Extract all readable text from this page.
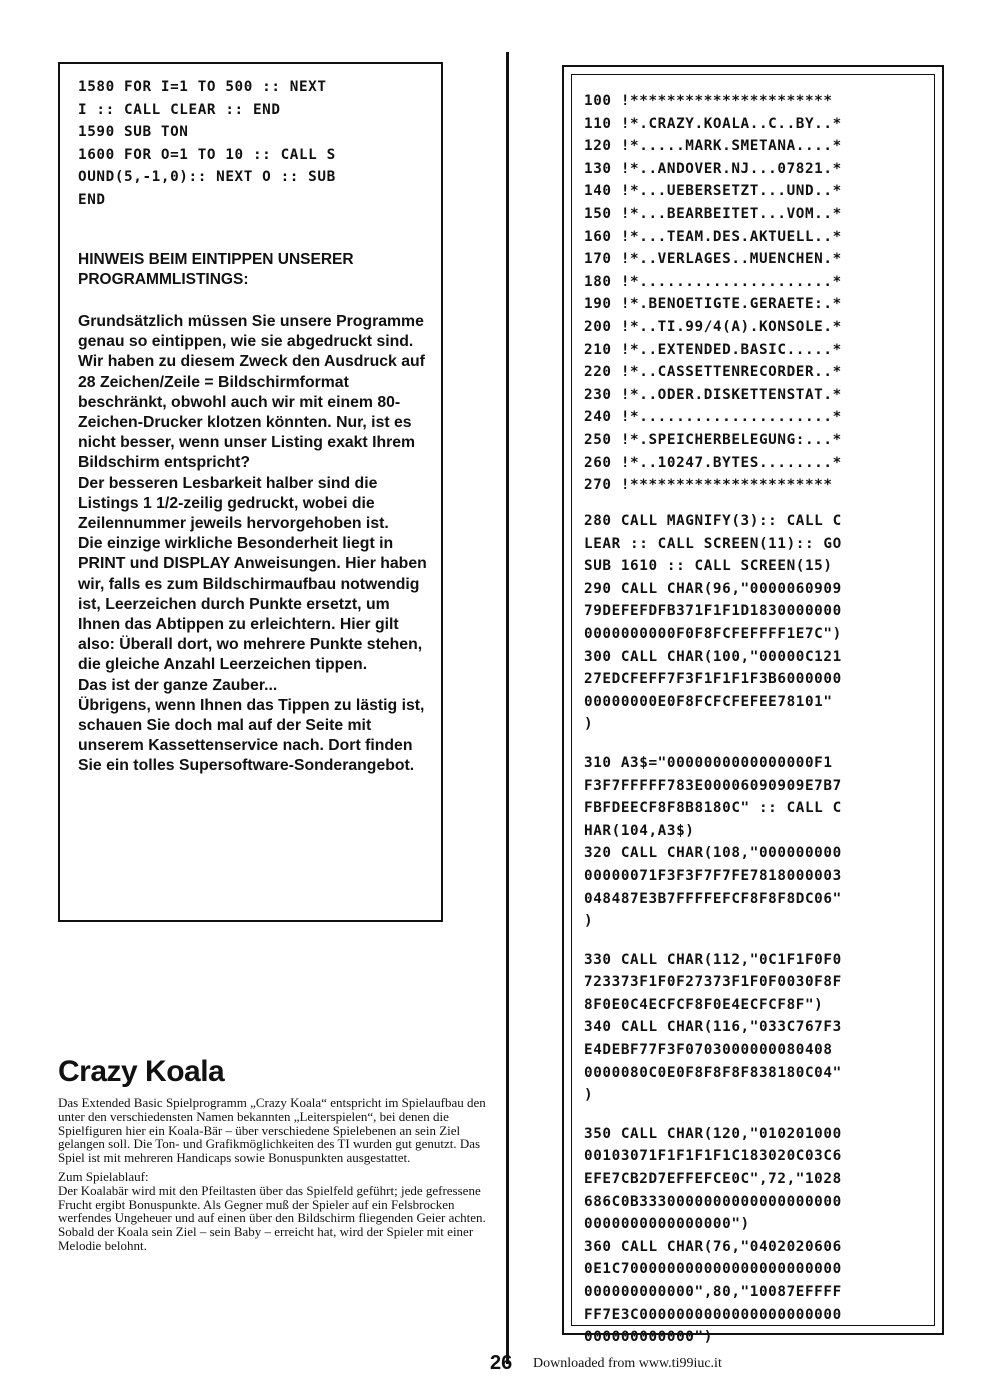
1580 FOR I=1 TO 500 :: NEXT
I :: CALL CLEAR :: END
1590 SUB TON
1600 FOR O=1 TO 10 :: CALL S
OUND(5,-1,0):: NEXT O :: SUB
END
HINWEIS BEIM EINTIPPEN UNSERER PROGRAMMLISTINGS:

Grundsätzlich müssen Sie unsere Programme genau so eintippen, wie sie abgedruckt sind. Wir haben zu diesem Zweck den Ausdruck auf 28 Zeichen/Zeile = Bildschirmformat beschränkt, obwohl auch wir mit einem 80-Zeichen-Drucker klotzen könnten. Nur, ist es nicht besser, wenn unser Listing exakt Ihrem Bildschirm entspricht?

Der besseren Lesbarkeit halber sind die Listings 1 1/2-zeilig gedruckt, wobei die Zeilennummer jeweils hervorgehoben ist.

Die einzige wirkliche Besonderheit liegt in PRINT und DISPLAY Anweisungen. Hier haben wir, falls es zum Bildschirmaufbau notwendig ist, Leerzeichen durch Punkte ersetzt, um Ihnen das Abtippen zu erleichtern. Hier gilt also: Überall dort, wo mehrere Punkte stehen, die gleiche Anzahl Leerzeichen tippen.

Das ist der ganze Zauber...

Übrigens, wenn Ihnen das Tippen zu lästig ist, schauen Sie doch mal auf der Seite mit unserem Kassettenservice nach. Dort finden Sie ein tolles Supersoftware-Sonderangebot.

Crazy Koala

Das Extended Basic Spielprogramm „Crazy Koala“ entspricht im Spielaufbau den unter den verschiedensten Namen bekannten „Leiterspielen“, bei denen die Spielfiguren hier ein Koala-Bär – über verschiedene Spielebenen an sein Ziel gelangen soll. Die Ton- und Grafikmöglichkeiten des TI wurden gut genutzt. Das Spiel ist mit mehreren Handicaps sowie Bonuspunkten ausgestattet.

Zum Spielablauf:

Der Koalabär wird mit den Pfeiltasten über das Spielfeld geführt; jede gefressene Frucht ergibt Bonuspunkte. Als Gegner muß der Spieler auf ein Felsbrocken werfendes Ungeheuer und auf einen über den Bildschirm fliegenden Geier achten. Sobald der Koala sein Ziel – sein Baby – erreicht hat, wird der Spieler mit einer Melodie belohnt.

100 !**********************
110 !*.CRAZY.KOALA..C..BY..*
120 !*.....MARK.SMETANA....*
130 !*..ANDOVER.NJ...07821.*
140 !*...UEBERSETZT...UND..*
150 !*...BEARBEITET...VOM..*
160 !*...TEAM.DES.AKTUELL..*
170 !*..VERLAGES..MUENCHEN.*
180 !*.....................*
190 !*.BENOETIGTE.GERAETE:.*
200 !*..TI.99/4(A).KONSOLE.*
210 !*..EXTENDED.BASIC.....*
220 !*..CASSETTENRECORDER..*
230 !*..ODER.DISKETTENSTAT.*
240 !*.....................*
250 !*.SPEICHERBELEGUNG:...*
260 !*..10247.BYTES........*
270 !**********************
280 CALL MAGNIFY(3):: CALL C
LEAR :: CALL SCREEN(11):: GO
SUB 1610 :: CALL SCREEN(15)
290 CALL CHAR(96,"0000060909
79DEFEFDFB371F1F1D1830000000
0000000000F0F8FCFEFFFF1E7C")
300 CALL CHAR(100,"00000C121
27EDCFEFF7F3F1F1F1F3B6000000
00000000E0F8FCFCFEFEE78101"
)
310 A3$="0000000000000000F1
F3F7FFFFF783E00006090909E7B7
FBFDEECF8F8B8180C" :: CALL C
HAR(104,A3$)
320 CALL CHAR(108,"000000000
00000071F3F3F7F7FE7818000003
048487E3B7FFFFEFCF8F8F8DC06"
)
330 CALL CHAR(112,"0C1F1F0F0
723373F1F0F27373F1F0F0030F8F
8F0E0C4ECFCF8F0E4ECFCF8F")
340 CALL CHAR(116,"033C767F3
E4DEBF77F3F0703000000080408
0000080C0E0F8F8F8F838180C04"
)
350 CALL CHAR(120,"010201000
00103071F1F1F1F1C183020C03C6
EFE7CB2D7EFFEFCE0C",72,"1028
686C0B3330000000000000000000
0000000000000000")
360 CALL CHAR(76,"0402020606
0E1C700000000000000000000000
000000000000",80,"10087EFFFF
FF7E3C0000000000000000000000
000000000000")
26 Downloaded from www.ti99iuc.it
